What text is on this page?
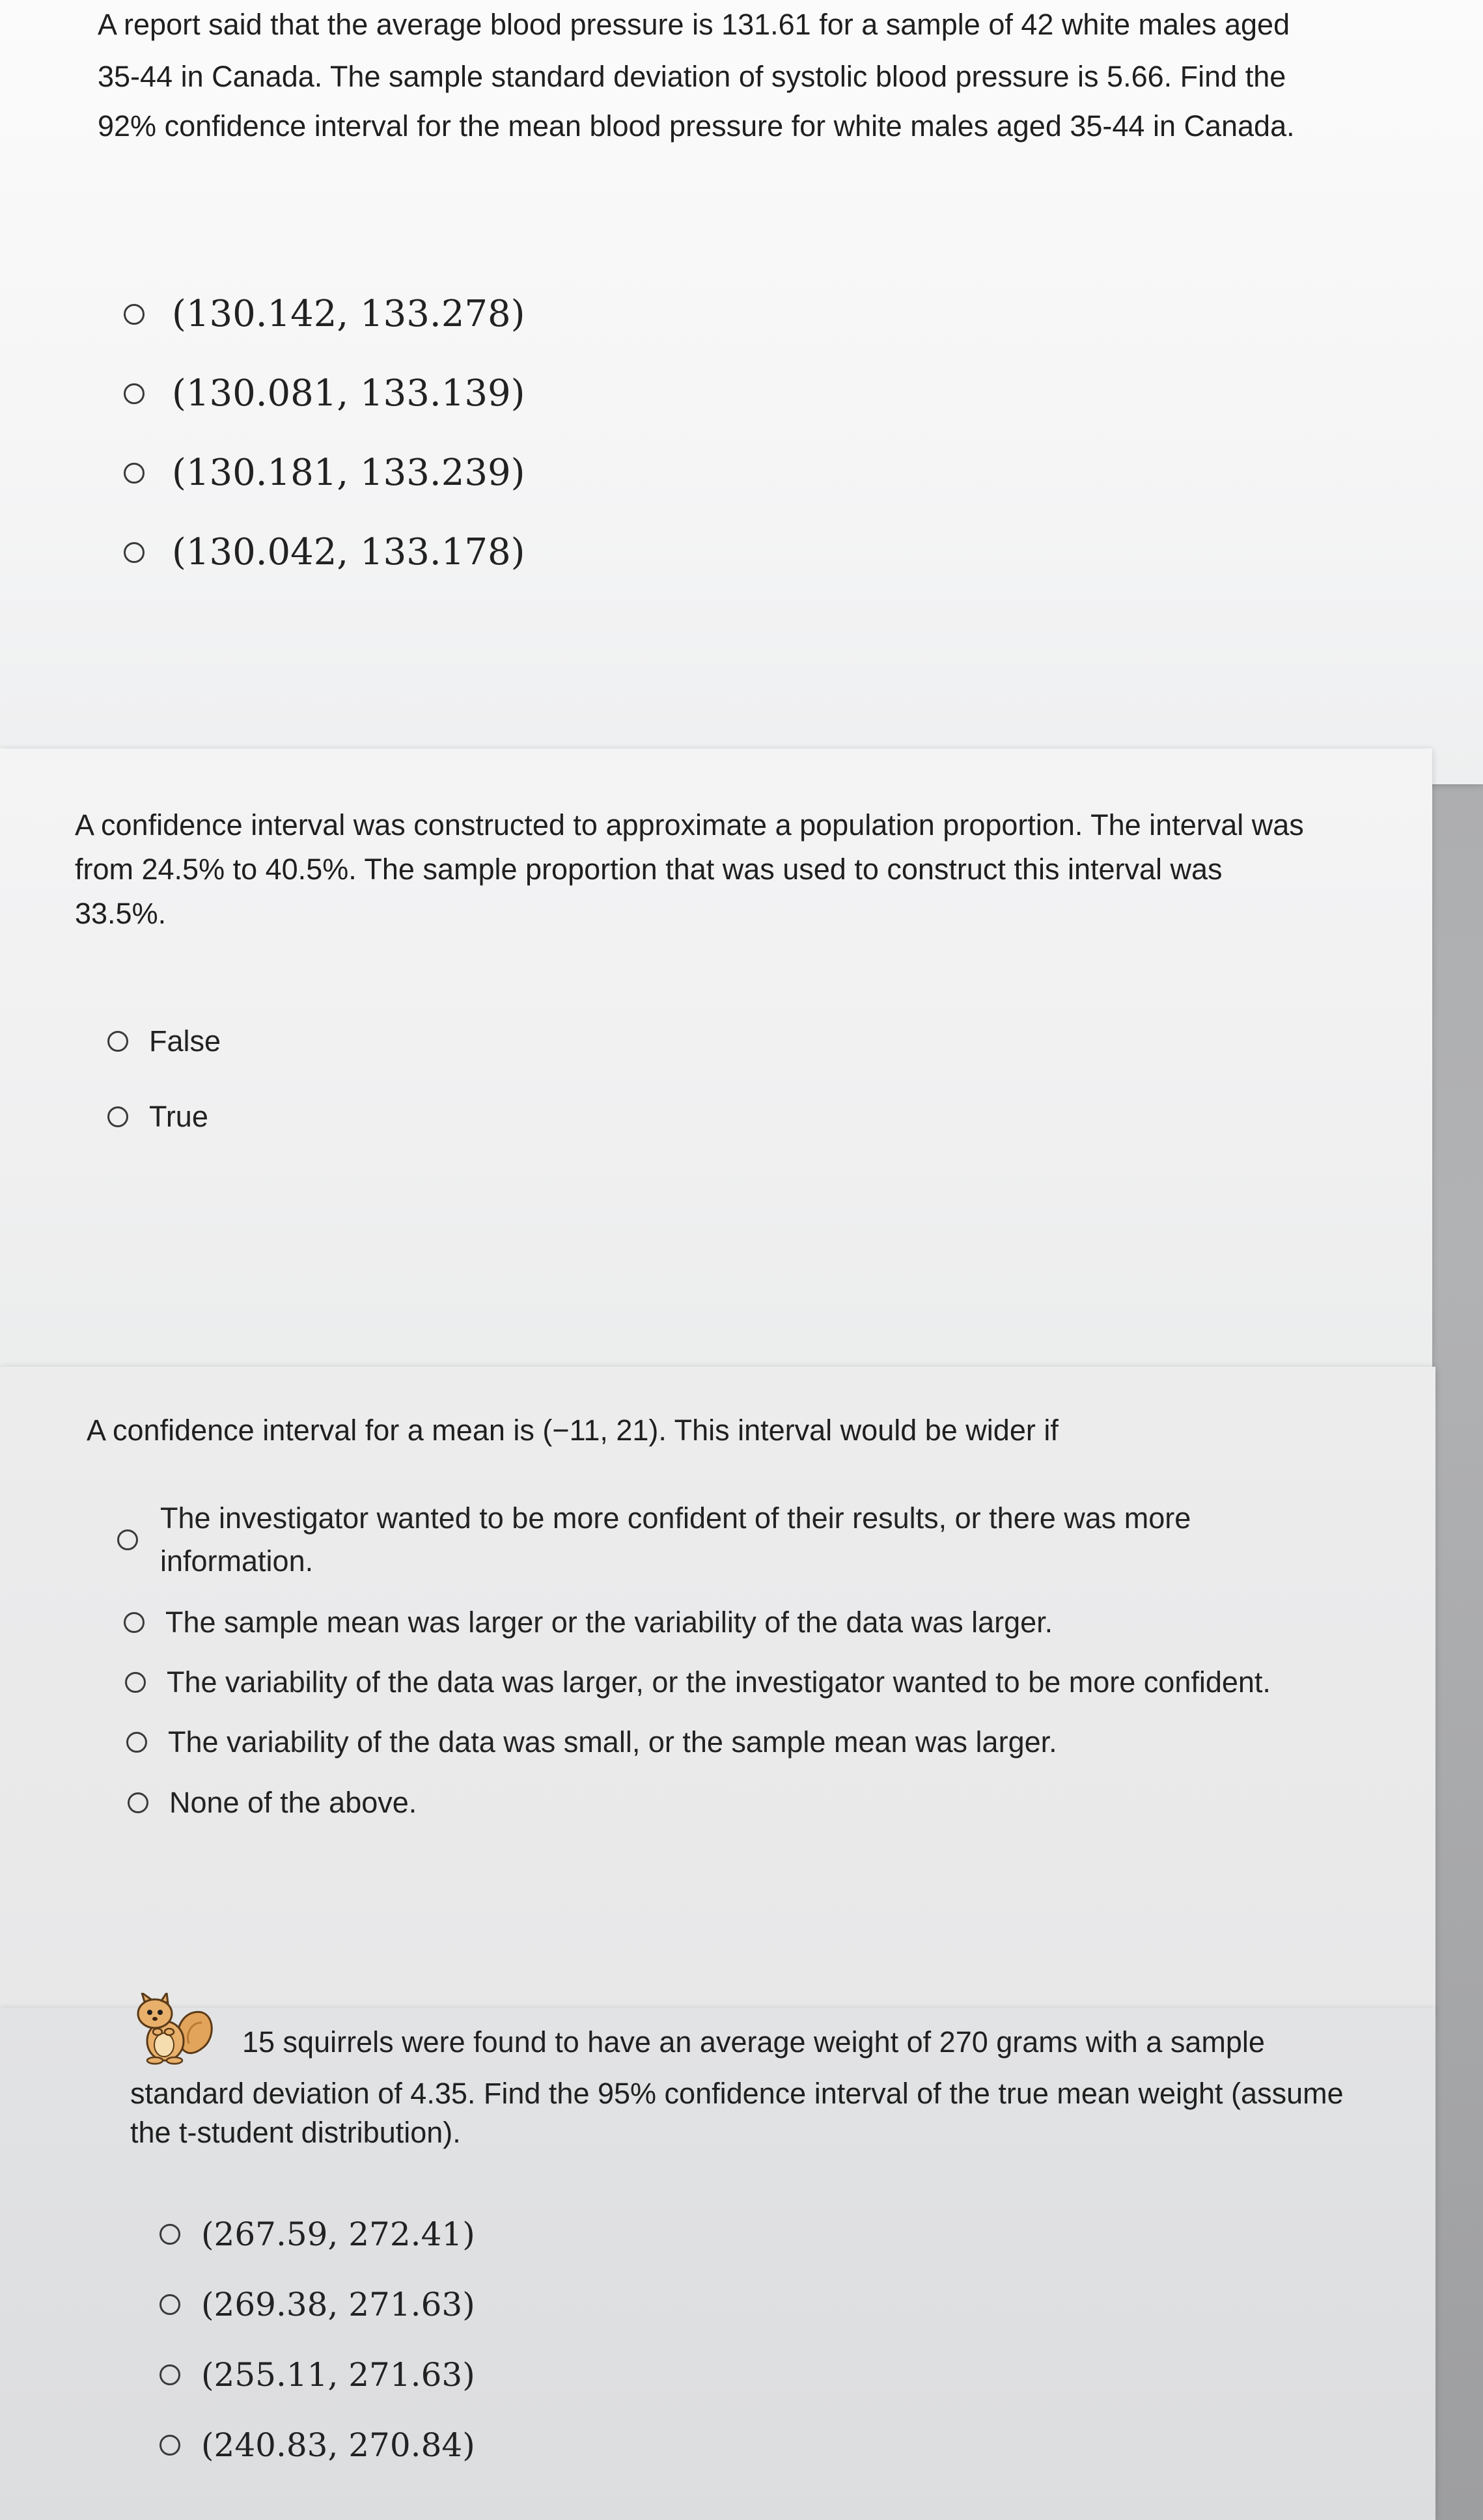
A report said that the average blood pressure is 131.61 for a sample of 42 white males aged

35-44 in Canada. The sample standard deviation of systolic blood pressure is 5.66. Find the

92% confidence interval for the mean blood pressure for white males aged 35-44 in Canada.

(130.142, 133.278)
(130.081, 133.139)
(130.181, 133.239)
(130.042, 133.178)

A confidence interval was constructed to approximate a population proportion. The interval was

from 24.5% to 40.5%. The sample proportion that was used to construct this interval was

33.5%.

False
True

A confidence interval for a mean is (−11, 21). This interval would be wider if

The investigator wanted to be more confident of their results, or there was more
information.
The sample mean was larger or the variability of the data was larger.
The variability of the data was larger, or the investigator wanted to be more confident.
The variability of the data was small, or the sample mean was larger.
None of the above.

15 squirrels were found to have an average weight of 270 grams with a sample

standard deviation of 4.35. Find the 95% confidence interval of the true mean weight (assume

the t-student distribution).

(267.59, 272.41)
(269.38, 271.63)
(255.11, 271.63)
(240.83, 270.84)
